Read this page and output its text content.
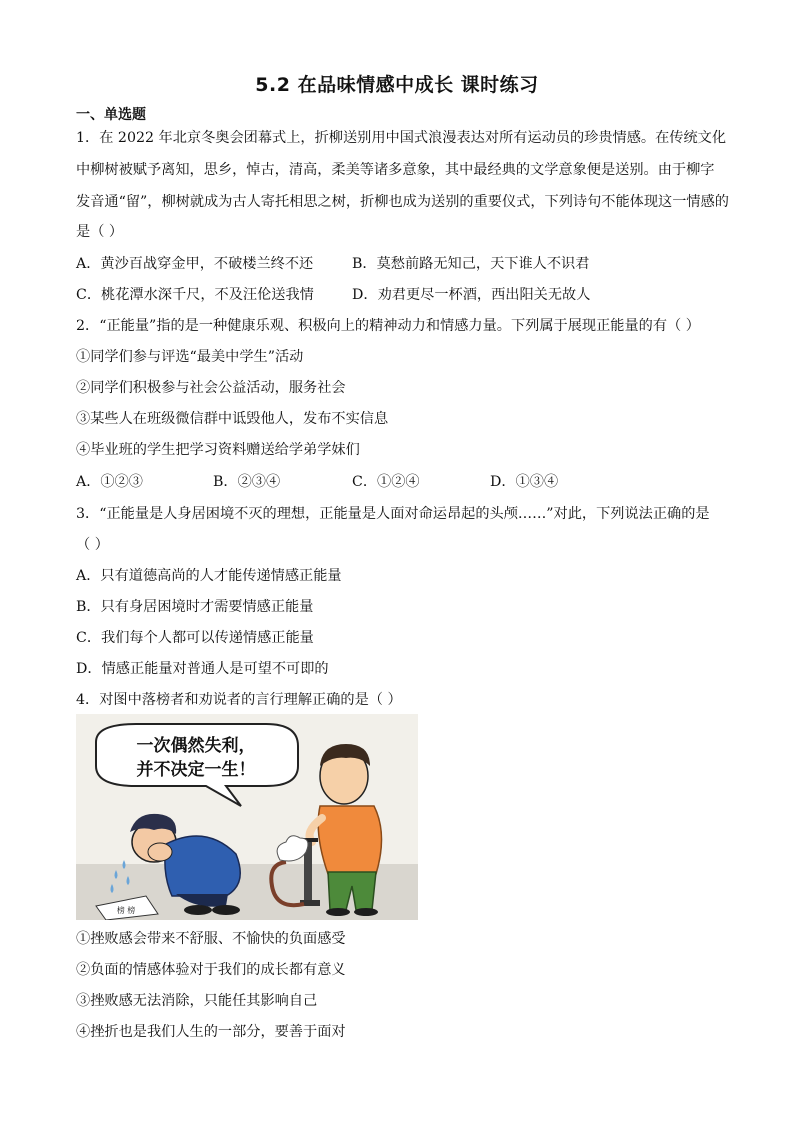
5.2 在品味情感中成长 课时练习
一、单选题
1．在 2022 年北京冬奥会团幕式上，折柳送别用中国式浪漫表达对所有运动员的珍贵情感。在传统文化
中柳树被赋予离知，思乡，悼古，清高，柔美等诸多意象，其中最经典的文学意象便是送别。由于柳字
发音通“留”，柳树就成为古人寄托相思之树，折柳也成为送别的重要仪式，下列诗句不能体现这一情感的
是（ ）
A．黄沙百战穿金甲，不破楼兰终不还	B．莫愁前路无知己，天下谁人不识君
C．桃花潭水深千尺，不及汪伦送我情	D．劝君更尽一杯酒，西出阳关无故人
2．“正能量”指的是一种健康乐观、积极向上的精神动力和情感力量。下列属于展现正能量的有（ ）
①同学们参与评选“最美中学生”活动
②同学们积极参与社会公益活动，服务社会
③某些人在班级微信群中诋毁他人，发布不实信息
④毕业班的学生把学习资料赠送给学弟学妹们
A．①②③	B．②③④	C．①②④	D．①③④
3．“正能量是人身居困境不灭的理想，正能量是人面对命运昂起的头颅……”对此，下列说法正确的是
（ ）
A．只有道德高尚的人才能传递情感正能量
B．只有身居困境时才需要情感正能量
C．我们每个人都可以传递情感正能量
D．情感正能量对普通人是可望不可即的
4．对图中落榜者和劝说者的言行理解正确的是（ ）
一次偶然失利，
并不决定一生！
榜 榜
①挫败感会带来不舒服、不愉快的负面感受
②负面的情感体验对于我们的成长都有意义
③挫败感无法消除，只能任其影响自己
④挫折也是我们人生的一部分，要善于面对
